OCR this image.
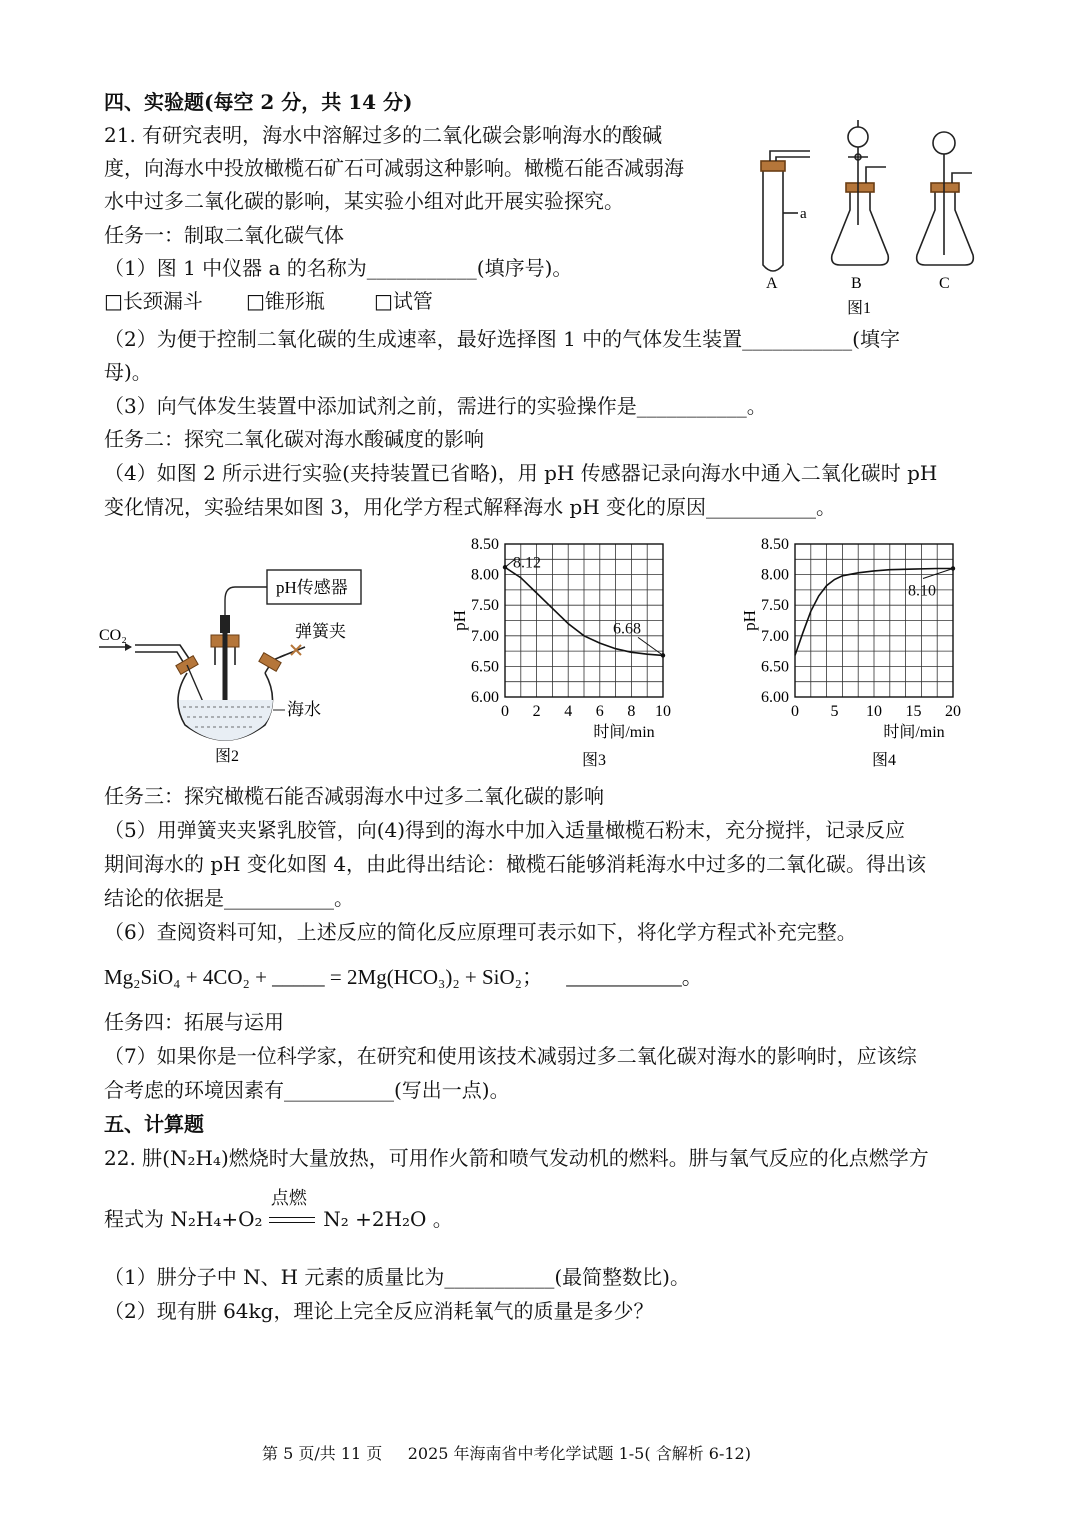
四、实验题(每空 2 分，共 14 分)
21. 有研究表明，海水中溶解过多的二氧化碳会影响海水的酸碱
度，向海水中投放橄榄石矿石可减弱这种影响。橄榄石能否减弱海
水中过多二氧化碳的影响，某实验小组对此开展实验探究。
任务一：制取二氧化碳气体
（1）图 1 中仪器 a 的名称为___________(填序号)。
□长颈漏斗 □锥形瓶 □试管
（2）为便于控制二氧化碳的生成速率，最好选择图 1 中的气体发生装置___________(填字
母)。
（3）向气体发生装置中添加试剂之前，需进行的实验操作是___________。
任务二：探究二氧化碳对海水酸碱度的影响
（4）如图 2 所示进行实验(夹持装置已省略)，用 pH 传感器记录向海水中通入二氧化碳时 pH
变化情况，实验结果如图 3，用化学方程式解释海水 pH 变化的原因___________。
a
A	B	C
图1
pH传感器
CO₂	弹簧夹
海水
图2
6.00
6.50
7.00
7.50
8.00
8.50
0 2 4 6 8 10
pH
时间/min
图3
8.12
6.68
6.00
6.50
7.00
7.50
8.00
8.50
0 5 10 15 20
pH
时间/min
图4
8.10
任务三：探究橄榄石能否减弱海水中过多二氧化碳的影响
（5）用弹簧夹夹紧乳胶管，向(4)得到的海水中加入适量橄榄石粉末，充分搅拌，记录反应
期间海水的 pH 变化如图 4，由此得出结论：橄榄石能够消耗海水中过多的二氧化碳。得出该
结论的依据是___________。
（6）查阅资料可知，上述反应的简化反应原理可表示如下，将化学方程式补充完整。
Mg₂SiO₄ + 4CO₂ + _____ = 2Mg(HCO₃)₂ + SiO₂； ___________。
任务四：拓展与运用
（7）如果你是一位科学家，在研究和使用该技术减弱过多二氧化碳对海水的影响时，应该综
合考虑的环境因素有___________(写出一点)。
五、计算题
22. 肼(N₂H₄)燃烧时大量放热，可用作火箭和喷气发动机的燃料。肼与氧气反应的化点燃学方
程式为 N₂H₄+O₂
点燃
N₂ +2H₂O 。
（1）肼分子中 N、H 元素的质量比为___________(最简整数比)。
（2）现有肼 64kg，理论上完全反应消耗氧气的质量是多少？
第 5 页/共 11 页     2025 年海南省中考化学试题 1-5( 含解析 6-12)
